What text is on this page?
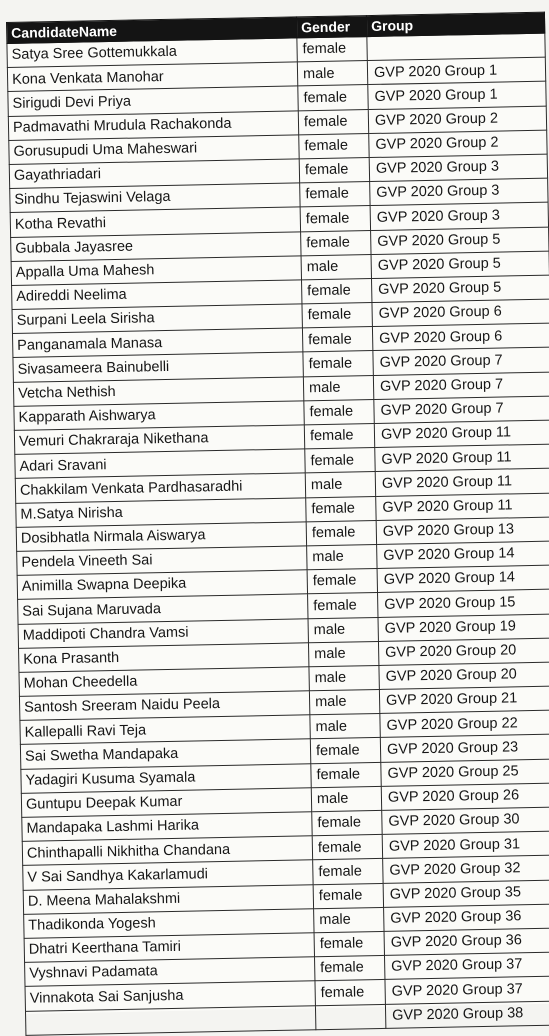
CandidateName	Gender	Group
Satya Sree Gottemukkala	female	
Kona Venkata Manohar	male	GVP 2020 Group 1
Sirigudi Devi Priya	female	GVP 2020 Group 1
Padmavathi Mrudula Rachakonda	female	GVP 2020 Group 2
Gorusupudi Uma Maheswari	female	GVP 2020 Group 2
Gayathriadari	female	GVP 2020 Group 3
Sindhu Tejaswini Velaga	female	GVP 2020 Group 3
Kotha Revathi	female	GVP 2020 Group 3
Gubbala Jayasree	female	GVP 2020 Group 5
Appalla Uma Mahesh	male	GVP 2020 Group 5
Adireddi Neelima	female	GVP 2020 Group 5
Surpani Leela Sirisha	female	GVP 2020 Group 6
Panganamala Manasa	female	GVP 2020 Group 6
Sivasameera Bainubelli	female	GVP 2020 Group 7
Vetcha Nethish	male	GVP 2020 Group 7
Kapparath Aishwarya	female	GVP 2020 Group 7
Vemuri Chakraraja Nikethana	female	GVP 2020 Group 11
Adari Sravani	female	GVP 2020 Group 11
Chakkilam Venkata Pardhasaradhi	male	GVP 2020 Group 11
M.Satya Nirisha	female	GVP 2020 Group 11
Dosibhatla Nirmala Aiswarya	female	GVP 2020 Group 13
Pendela Vineeth Sai	male	GVP 2020 Group 14
Animilla Swapna Deepika	female	GVP 2020 Group 14
Sai Sujana Maruvada	female	GVP 2020 Group 15
Maddipoti Chandra Vamsi	male	GVP 2020 Group 19
Kona Prasanth	male	GVP 2020 Group 20
Mohan Cheedella	male	GVP 2020 Group 20
Santosh Sreeram Naidu Peela	male	GVP 2020 Group 21
Kallepalli Ravi Teja	male	GVP 2020 Group 22
Sai Swetha Mandapaka	female	GVP 2020 Group 23
Yadagiri Kusuma Syamala	female	GVP 2020 Group 25
Guntupu Deepak Kumar	male	GVP 2020 Group 26
Mandapaka Lashmi Harika	female	GVP 2020 Group 30
Chinthapalli Nikhitha Chandana	female	GVP 2020 Group 31
V Sai Sandhya Kakarlamudi	female	GVP 2020 Group 32
D. Meena Mahalakshmi	female	GVP 2020 Group 35
Thadikonda Yogesh	male	GVP 2020 Group 36
Dhatri Keerthana Tamiri	female	GVP 2020 Group 36
Vyshnavi Padamata	female	GVP 2020 Group 37
Vinnakota Sai Sanjusha	female	GVP 2020 Group 37
		GVP 2020 Group 38
